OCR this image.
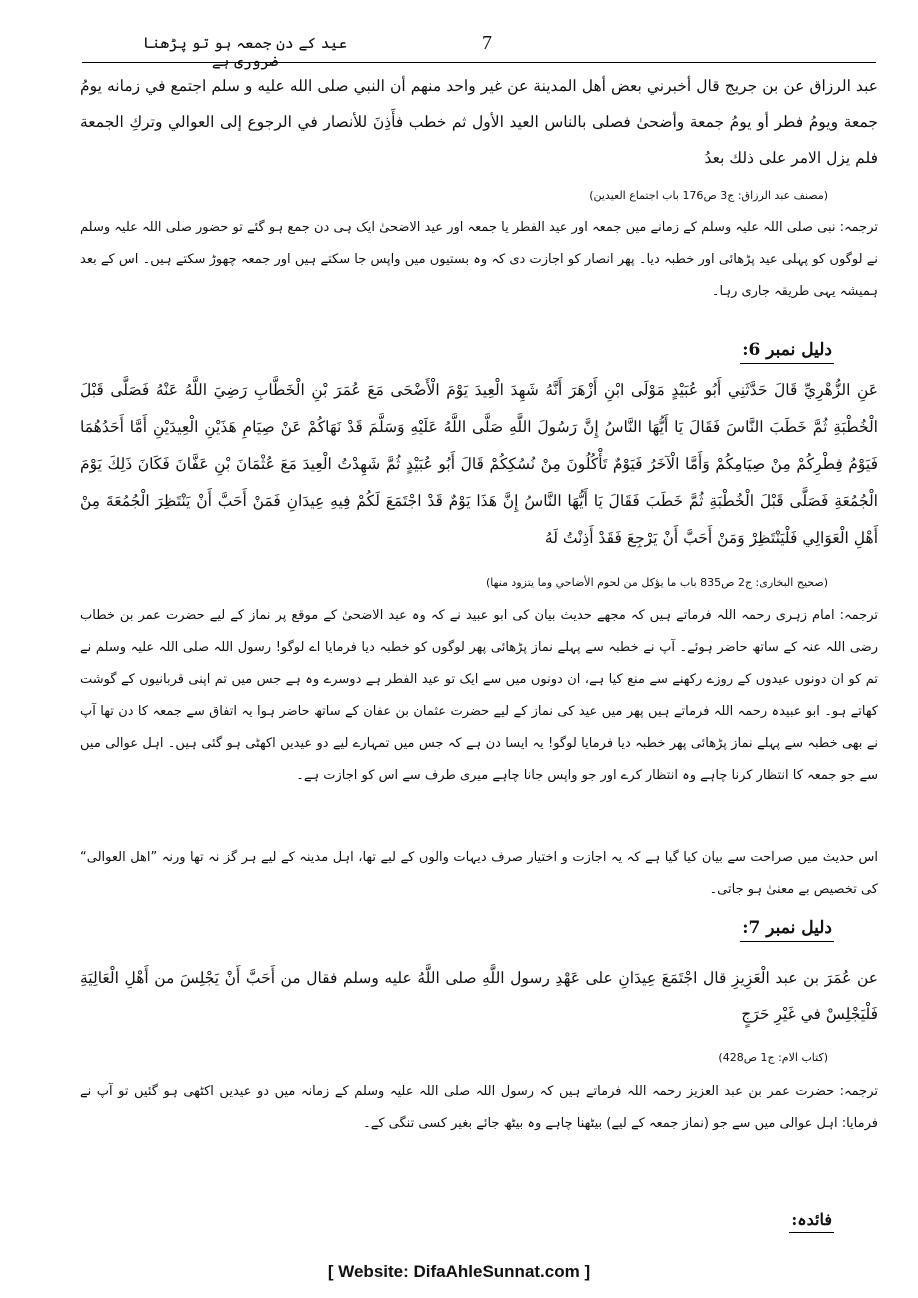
عید کے دن جمعہ ہو تو پڑھنا ضروری ہے
7
عبد الرزاق عن بن جريج قال أخبرني بعض أهل المدينة عن غير واحد منهم أن النبي صلى الله عليه و سلم اجتمع في زمانه يومُ جمعة ويومُ فطر أو يومُ جمعة وأضحىٰ فصلى بالناس العيد الأول ثم خطب فأَذِنَ للأنصار في الرجوع إلى العوالي وتركِ الجمعة فلم يزل الامر على ذلك بعدُ
(مصنف عبد الرزاق: ج3 ص176 باب اجتماع العیدین)
ترجمہ: نبی صلی اللہ علیہ وسلم کے زمانے میں جمعہ اور عید الفطر یا جمعہ اور عید الاضحیٰ ایک ہی دن جمع ہو گئے تو حضور صلی اللہ علیہ وسلم نے لوگوں کو پہلی عید پڑھائی اور خطبہ دیا۔ پھر انصار کو اجازت دی کہ وہ بستیوں میں واپس جا سکتے ہیں اور جمعہ چھوڑ سکتے ہیں۔ اس کے بعد ہمیشہ یہی طریقہ جاری رہا۔
دلیل نمبر 6:
عَنِ الزُّهْرِيِّ قَالَ حَدَّثَنِي أَبُو عُبَيْدٍ مَوْلَى ابْنِ أَزْهَرَ أَنَّهُ شَهِدَ الْعِيدَ يَوْمَ الْأَضْحَى مَعَ عُمَرَ بْنِ الْخَطَّابِ رَضِيَ اللَّهُ عَنْهُ فَصَلَّى قَبْلَ الْخُطْبَةِ ثُمَّ خَطَبَ النَّاسَ فَقَالَ يَا أَيُّهَا النَّاسُ إِنَّ رَسُولَ اللَّهِ صَلَّى اللَّهُ عَلَيْهِ وَسَلَّمَ قَدْ نَهَاكُمْ عَنْ صِيَامِ هَذَيْنِ الْعِيدَيْنِ أَمَّا أَحَدُهُمَا فَيَوْمُ فِطْرِكُمْ مِنْ صِيَامِكُمْ وَأَمَّا الْآخَرُ فَيَوْمٌ تَأْكُلُونَ مِنْ نُسُكِكُمْ قَالَ أَبُو عُبَيْدٍ ثُمَّ شَهِدْتُ الْعِيدَ مَعَ عُثْمَانَ بْنِ عَفَّانَ فَكَانَ ذَلِكَ يَوْمَ الْجُمُعَةِ فَصَلَّى قَبْلَ الْخُطْبَةِ ثُمَّ خَطَبَ فَقَالَ يَا أَيُّهَا النَّاسُ إِنَّ هَذَا يَوْمٌ قَدْ اجْتَمَعَ لَكُمْ فِيهِ عِيدَانِ فَمَنْ أَحَبَّ أَنْ يَنْتَظِرَ الْجُمُعَةَ مِنْ أَهْلِ الْعَوَالِي فَلْيَنْتَظِرْ وَمَنْ أَحَبَّ أَنْ يَرْجِعَ فَقَدْ أَذِنْتُ لَهُ
(صحیح البخاری: ج2 ص835 باب ما یؤکل من لحوم الأضاحي وما یتزود منھا)
ترجمہ: امام زہری رحمہ اللہ فرماتے ہیں کہ مجھے حدیث بیان کی ابو عبید نے کہ وہ عید الاضحیٰ کے موقع پر نماز کے لیے حضرت عمر بن خطاب رضی اللہ عنہ کے ساتھ حاضر ہوئے۔ آپ نے خطبہ سے پہلے نماز پڑھائی پھر لوگوں کو خطبہ دیا فرمایا اے لوگو! رسول اللہ صلی اللہ علیہ وسلم نے تم کو ان دونوں عیدوں کے روزے رکھنے سے منع کیا ہے، ان دونوں میں سے ایک تو عید الفطر ہے دوسرے وہ ہے جس میں تم اپنی قربانیوں کے گوشت کھاتے ہو۔ ابو عبیدہ رحمہ اللہ فرماتے ہیں پھر میں عید کی نماز کے لیے حضرت عثمان بن عفان کے ساتھ حاضر ہوا یہ اتفاق سے جمعہ کا دن تھا آپ نے بھی خطبہ سے پہلے نماز پڑھائی پھر خطبہ دیا فرمایا لوگو! یہ ایسا دن ہے کہ جس میں تمہارے لیے دو عیدیں اکھٹی ہو گئی ہیں۔ اہل عوالی میں سے جو جمعہ کا انتظار کرنا چاہے وہ انتظار کرے اور جو واپس جانا چاہے میری طرف سے اس کو اجازت ہے۔
اس حدیث میں صراحت سے بیان کیا گیا ہے کہ یہ اجازت و اختیار صرف دیہات والوں کے لیے تھا، اہل مدینہ کے لیے ہر گز نہ تھا ورنہ ”اھل العوالی“ کی تخصیص بے معنیٰ ہو جاتی۔
دلیل نمبر 7:
عن عُمَرَ بن عبد الْعَزِيزِ قال اجْتَمَعَ عِيدَانِ على عَهْدِ رسول اللَّهِ صلى اللَّهُ عليه وسلم فقال من أَحَبَّ أَنْ يَجْلِسَ من أَهْلِ الْعَالِيَةِ فَلْيَجْلِسْ في غَيْرِ حَرَجٍ
(کتاب الام: ج1 ص428)
ترجمہ: حضرت عمر بن عبد العزیز رحمہ اللہ فرماتے ہیں کہ رسول اللہ صلی اللہ علیہ وسلم کے زمانہ میں دو عیدیں اکٹھی ہو گئیں تو آپ نے فرمایا: اہل عوالی میں سے جو (نماز جمعہ کے لیے) بیٹھنا چاہے وہ بیٹھ جائے بغیر کسی تنگی کے۔
فائدہ:
[ Website: DifaAhleSunnat.com ]
